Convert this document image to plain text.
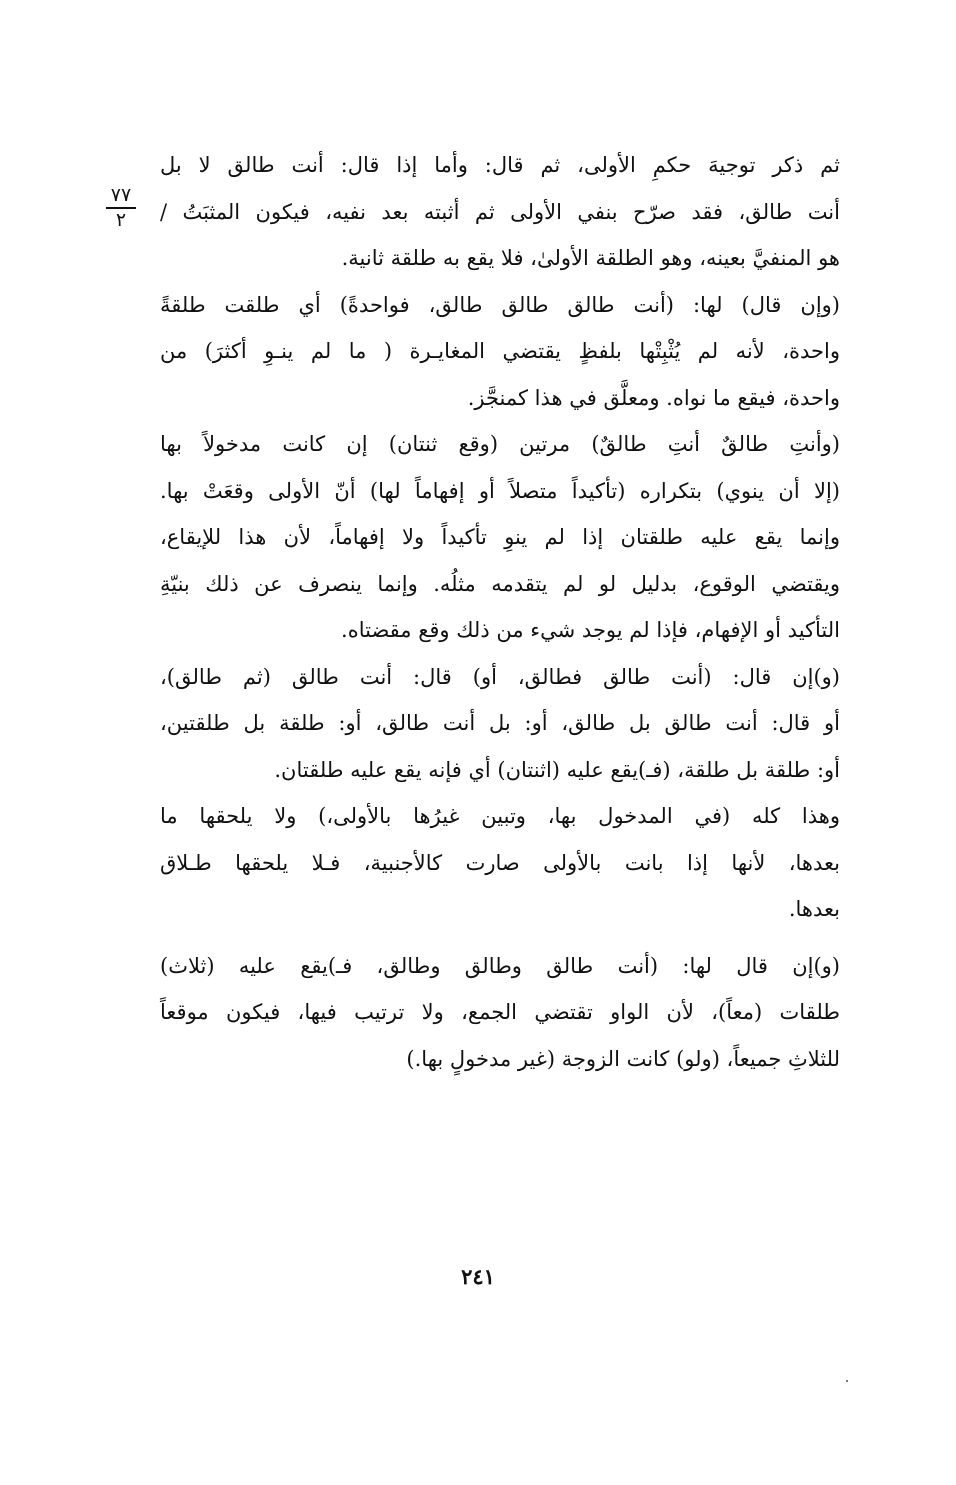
ثم ذكر توجيهَ حكمِ الأولى، ثم قال: وأما إذا قال: أنت طالق لا بل
أنت طالق، فقد صرّح بنفي الأولى ثم أثبته بعد نفيه، فيكون المثبَتُ /
هو المنفيَّ بعينه، وهو الطلقة الأولىٰ، فلا يقع به طلقة ثانية.
(وإن قال) لها: (أنت طالق طالق طالق، فواحدةً) أي طلقت طلقةً
واحدة، لأنه لم يُثْبِتْها بلفظٍ يقتضي المغايـرة ( ما لم ينـوِ أكثرَ) من
واحدة، فيقع ما نواه. ومعلَّق في هذا كمنجَّز.
(وأنتِ طالقٌ أنتِ طالقٌ) مرتين (وقع ثنتان) إن كانت مدخولاً بها
(إلا أن ينوي) بتكراره (تأكيداً متصلاً أو إفهاماً لها) أنّ الأولى وقعَتْ بها.
وإنما يقع عليه طلقتان إذا لم ينوِ تأكيداً ولا إفهاماً، لأن هذا للإيقاع،
ويقتضي الوقوع، بدليل لو لم يتقدمه مثلُه. وإنما ينصرف عن ذلك بنيّةِ
التأكيد أو الإفهام، فإذا لم يوجد شيء من ذلك وقع مقضتاه.
(و)إن قال: (أنت طالق فطالق، أو) قال: أنت طالق (ثم طالق)،
أو قال: أنت طالق بل طالق، أو: بل أنت طالق، أو: طلقة بل طلقتين،
أو: طلقة بل طلقة، (فـ)يقع عليه (اثنتان) أي فإنه يقع عليه طلقتان.
وهذا كله (في المدخول بها، وتبين غيرُها بالأولى،) ولا يلحقها ما
بعدها، لأنها إذا بانت بالأولى صارت كالأجنبية، فـلا يلحقها طـلاق
بعدها.
(و)إن قال لها: (أنت طالق وطالق وطالق، فـ)يقع عليه (ثلاث)
طلقات (معاً)، لأن الواو تقتضي الجمع، ولا ترتيب فيها، فيكون موقعاً
للثلاثِ جميعاً، (ولو) كانت الزوجة (غير مدخولٍ بها.)
٧٧
٢
٢٤١
